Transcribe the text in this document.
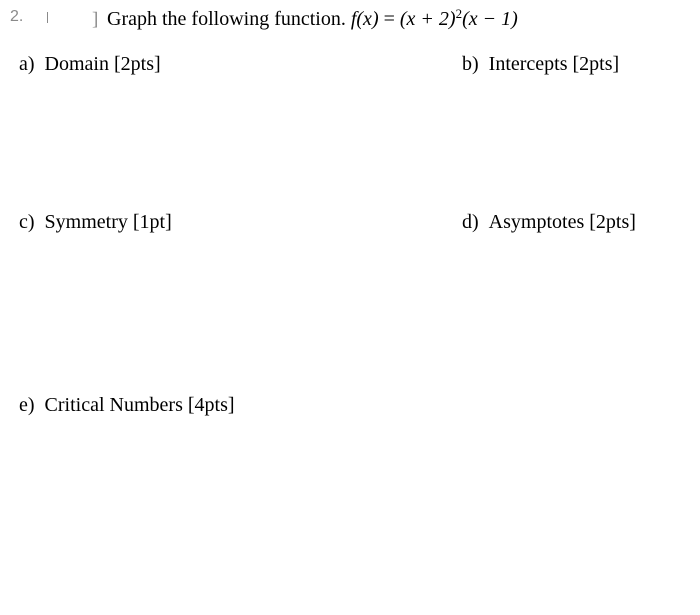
2.	] Graph the following function. $f(x) = (x + 2)^2(x - 1)$
a) Domain [2pts]	b) Intercepts [2pts]
c) Symmetry [1pt]	d) Asymptotes [2pts]
e) Critical Numbers [4pts]
